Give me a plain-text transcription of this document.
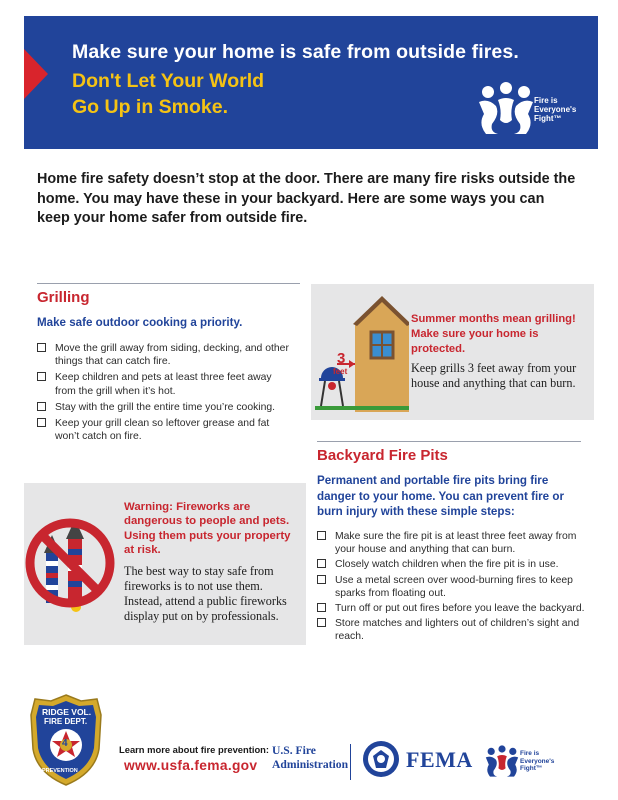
Make sure your home is safe from outside fires.
Don't Let Your World
Go Up in Smoke.	Fire is
Everyone's
Fight™

Home fire safety doesn’t stop at the door. There are many fire risks outside the home. You may have these in your backyard. Here are some ways you can keep your home safer from outside fire.

Grilling
Make safe outdoor cooking a priority.
Move the grill away from siding, decking, and other things that can catch fire.
Keep children and pets at least three feet away from the grill when it’s hot.
Stay with the grill the entire time you’re cooking.
Keep your grill clean so leftover grease and fat won’t catch on fire.
3
feet
Summer months mean grilling! Make sure your home is protected.
Keep grills 3 feet away from your house and anything that can burn.
Warning: Fireworks are dangerous to people and pets. Using them puts your property at risk.
The best way to stay safe from fireworks is to not use them. Instead, attend a public fireworks display put on by professionals.
Backyard Fire Pits
Permanent and portable fire pits bring fire danger to your home. You can prevent fire or burn injury with these simple steps:
Make sure the fire pit is at least three feet away from your house and anything that can burn.
Closely watch children when the fire pit is in use.
Use a metal screen over wood-burning fires to keep sparks from floating out.
Turn off or put out fires before you leave the backyard.
Store matches and lighters out of children’s sight and reach.
RIDGE VOL.
FIRE DEPT.
4
PREVENTION
Learn more about fire prevention:
www.usfa.fema.gov
U.S. Fire
Administration	FEMA	Fire is
Everyone's
Fight™
